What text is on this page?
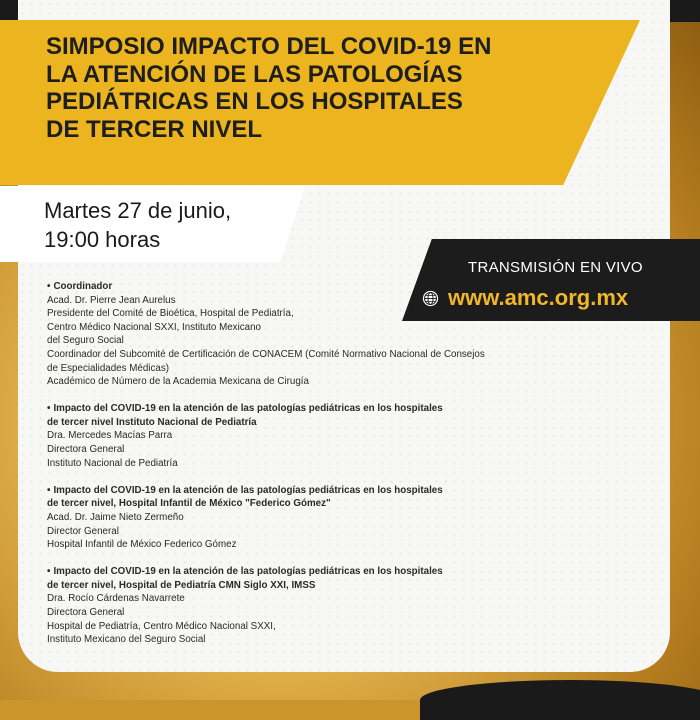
SIMPOSIO IMPACTO DEL COVID-19 EN
LA ATENCIÓN DE LAS PATOLOGÍAS
PEDIÁTRICAS EN LOS HOSPITALES
DE TERCER NIVEL
Martes 27 de junio,
19:00 horas
TRANSMISIÓN EN VIVO
www.amc.org.mx
• Coordinador
Acad. Dr. Pierre Jean Aurelus
Presidente del Comité de Bioética, Hospital de Pediatría,
Centro Médico Nacional SXXI, Instituto Mexicano
del Seguro Social
Coordinador del Subcomité de Certificación de CONACEM (Comité Normativo Nacional de Consejos
de Especialidades Médicas)
Académico de Número de la Academia Mexicana de Cirugía
• Impacto del COVID-19 en la atención de las patologías pediátricas en los hospitales
de tercer nivel Instituto Nacional de Pediatría
Dra. Mercedes Macías Parra
Directora General
Instituto Nacional de Pediatría
• Impacto del COVID-19 en la atención de las patologías pediátricas en los hospitales
de tercer nivel, Hospital Infantil de México "Federico Gómez"
Acad. Dr. Jaime Nieto Zermeño
Director General
Hospital Infantil de México Federico Gómez
• Impacto del COVID-19 en la atención de las patologías pediátricas en los hospitales
de tercer nivel, Hospital de Pediatría CMN Siglo XXI, IMSS
Dra. Rocío Cárdenas Navarrete
Directora General
Hospital de Pediatría, Centro Médico Nacional SXXI,
Instituto Mexicano del Seguro Social
